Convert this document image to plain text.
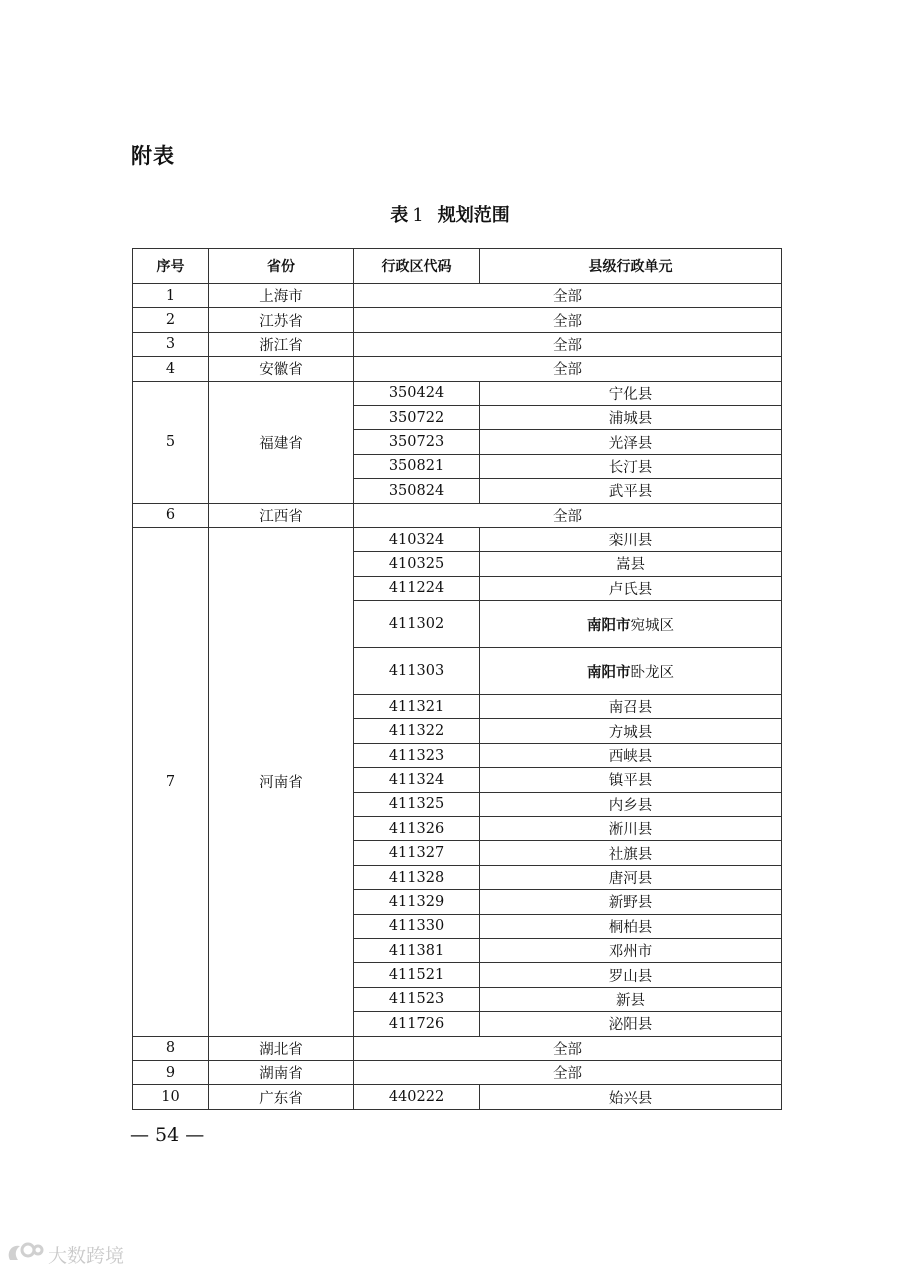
附表
表 1 规划范围
序号	省份	行政区代码	县级行政单元
1	上海市	全部	
2	江苏省	全部	
3	浙江省	全部	
4	安徽省	全部	
5	福建省	350424	宁化县
		350722	浦城县
		350723	光泽县
		350821	长汀县
		350824	武平县
6	江西省	全部	
7	河南省	410324	栾川县
		410325	嵩县
		411224	卢氏县
		411302	南阳市宛城区
		411303	南阳市卧龙区
		411321	南召县
		411322	方城县
		411323	西峡县
		411324	镇平县
		411325	内乡县
		411326	淅川县
		411327	社旗县
		411328	唐河县
		411329	新野县
		411330	桐柏县
		411381	邓州市
		411521	罗山县
		411523	新县
		411726	泌阳县
8	湖北省	全部	
9	湖南省	全部	
10	广东省	440222	始兴县
— 54 —
大数跨境
